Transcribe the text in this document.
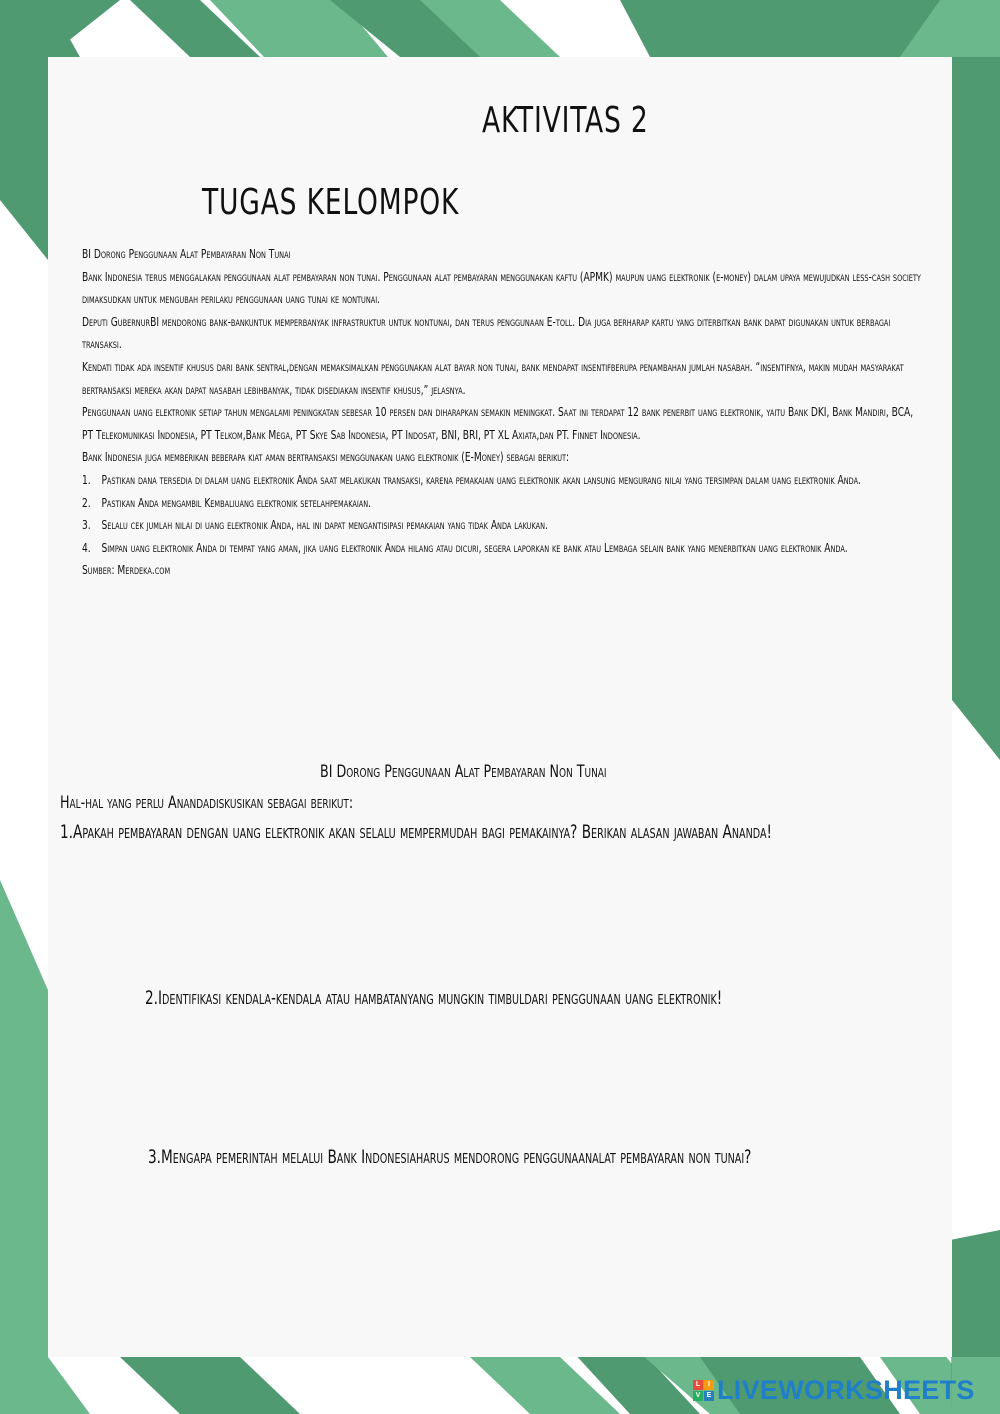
AKTIVITAS 2
TUGAS KELOMPOK

BI Dorong Penggunaan Alat Pembayaran Non Tunai

Bank Indonesia terus menggalakan penggunaan alat pembayaran non tunai. Penggunaan alat pembayaran menggunakan kaftu (APMK) maupun uang elektronik (e-money) dalam upaya mewujudkan less-cash society dimaksudkan untuk mengubah perilaku penggunaan uang tunai ke nontunai.

Deputi GubernurBI mendorong bank-bankuntuk memperbanyak infrastruktur untuk nontunai, dan terus penggunaan E-toll. Dia juga berharap kartu yang diterbitkan bank dapat digunakan untuk berbagai transaksi.

Kendati tidak ada insentif khusus dari bank sentral,dengan memaksimalkan penggunakan alat bayar non tunai, bank mendapat insentifberupa penambahan jumlah nasabah. “insentifnya, makin mudah masyarakat bertransaksi mereka akan dapat nasabah lebihbanyak, tidak disediakan insentif khusus,” jelasnya.

Penggunaan uang elektronik setiap tahun mengalami peningkatan sebesar 10 persen dan diharapkan semakin meningkat. Saat ini terdapat 12 bank penerbit uang elektronik, yaitu Bank DKI, Bank Mandiri, BCA, PT Telekomunikasi Indonesia, PT Telkom,Bank Mega, PT Skye Sab Indonesia, PT Indosat, BNI, BRI, PT XL Axiata,dan PT. Finnet Indonesia.

Bank Indonesia juga memberikan beberapa kiat aman bertransaksi menggunakan uang elektronik (E-Money) sebagai berikut:

1. Pastikan dana tersedia di dalam uang elektronik Anda saat melakukan transaksi, karena pemakaian uang elektronik akan lansung mengurang nilai yang tersimpan dalam uang elektronik Anda.
2. Pastikan Anda mengambil Kembaliuang elektronik setelahpemakaian.
3. Selalu cek jumlah nilai di uang elektronik Anda, hal ini dapat mengantisipasi pemakaian yang tidak Anda lakukan.
4. Simpan uang elektronik Anda di tempat yang aman, jika uang elektronik Anda hilang atau dicuri, segera laporkan ke bank atau Lembaga selain bank yang menerbitkan uang elektronik Anda.

Sumber: Merdeka.com

BI Dorong Penggunaan Alat Pembayaran Non Tunai
Hal-hal yang perlu Anandadiskusikan sebagai berikut:
1.Apakah pembayaran dengan uang elektronik akan selalu mempermudah bagi pemakainya? Berikan alasan jawaban Ananda!
2.Identifikasi kendala-kendala atau hambatanyang mungkin timbuldari penggunaan uang elektronik!
3.Mengapa pemerintah melalui Bank Indonesiaharus mendorong penggunaanalat pembayaran non tunai?
L	I
V E LIVEWORKSHEETS
